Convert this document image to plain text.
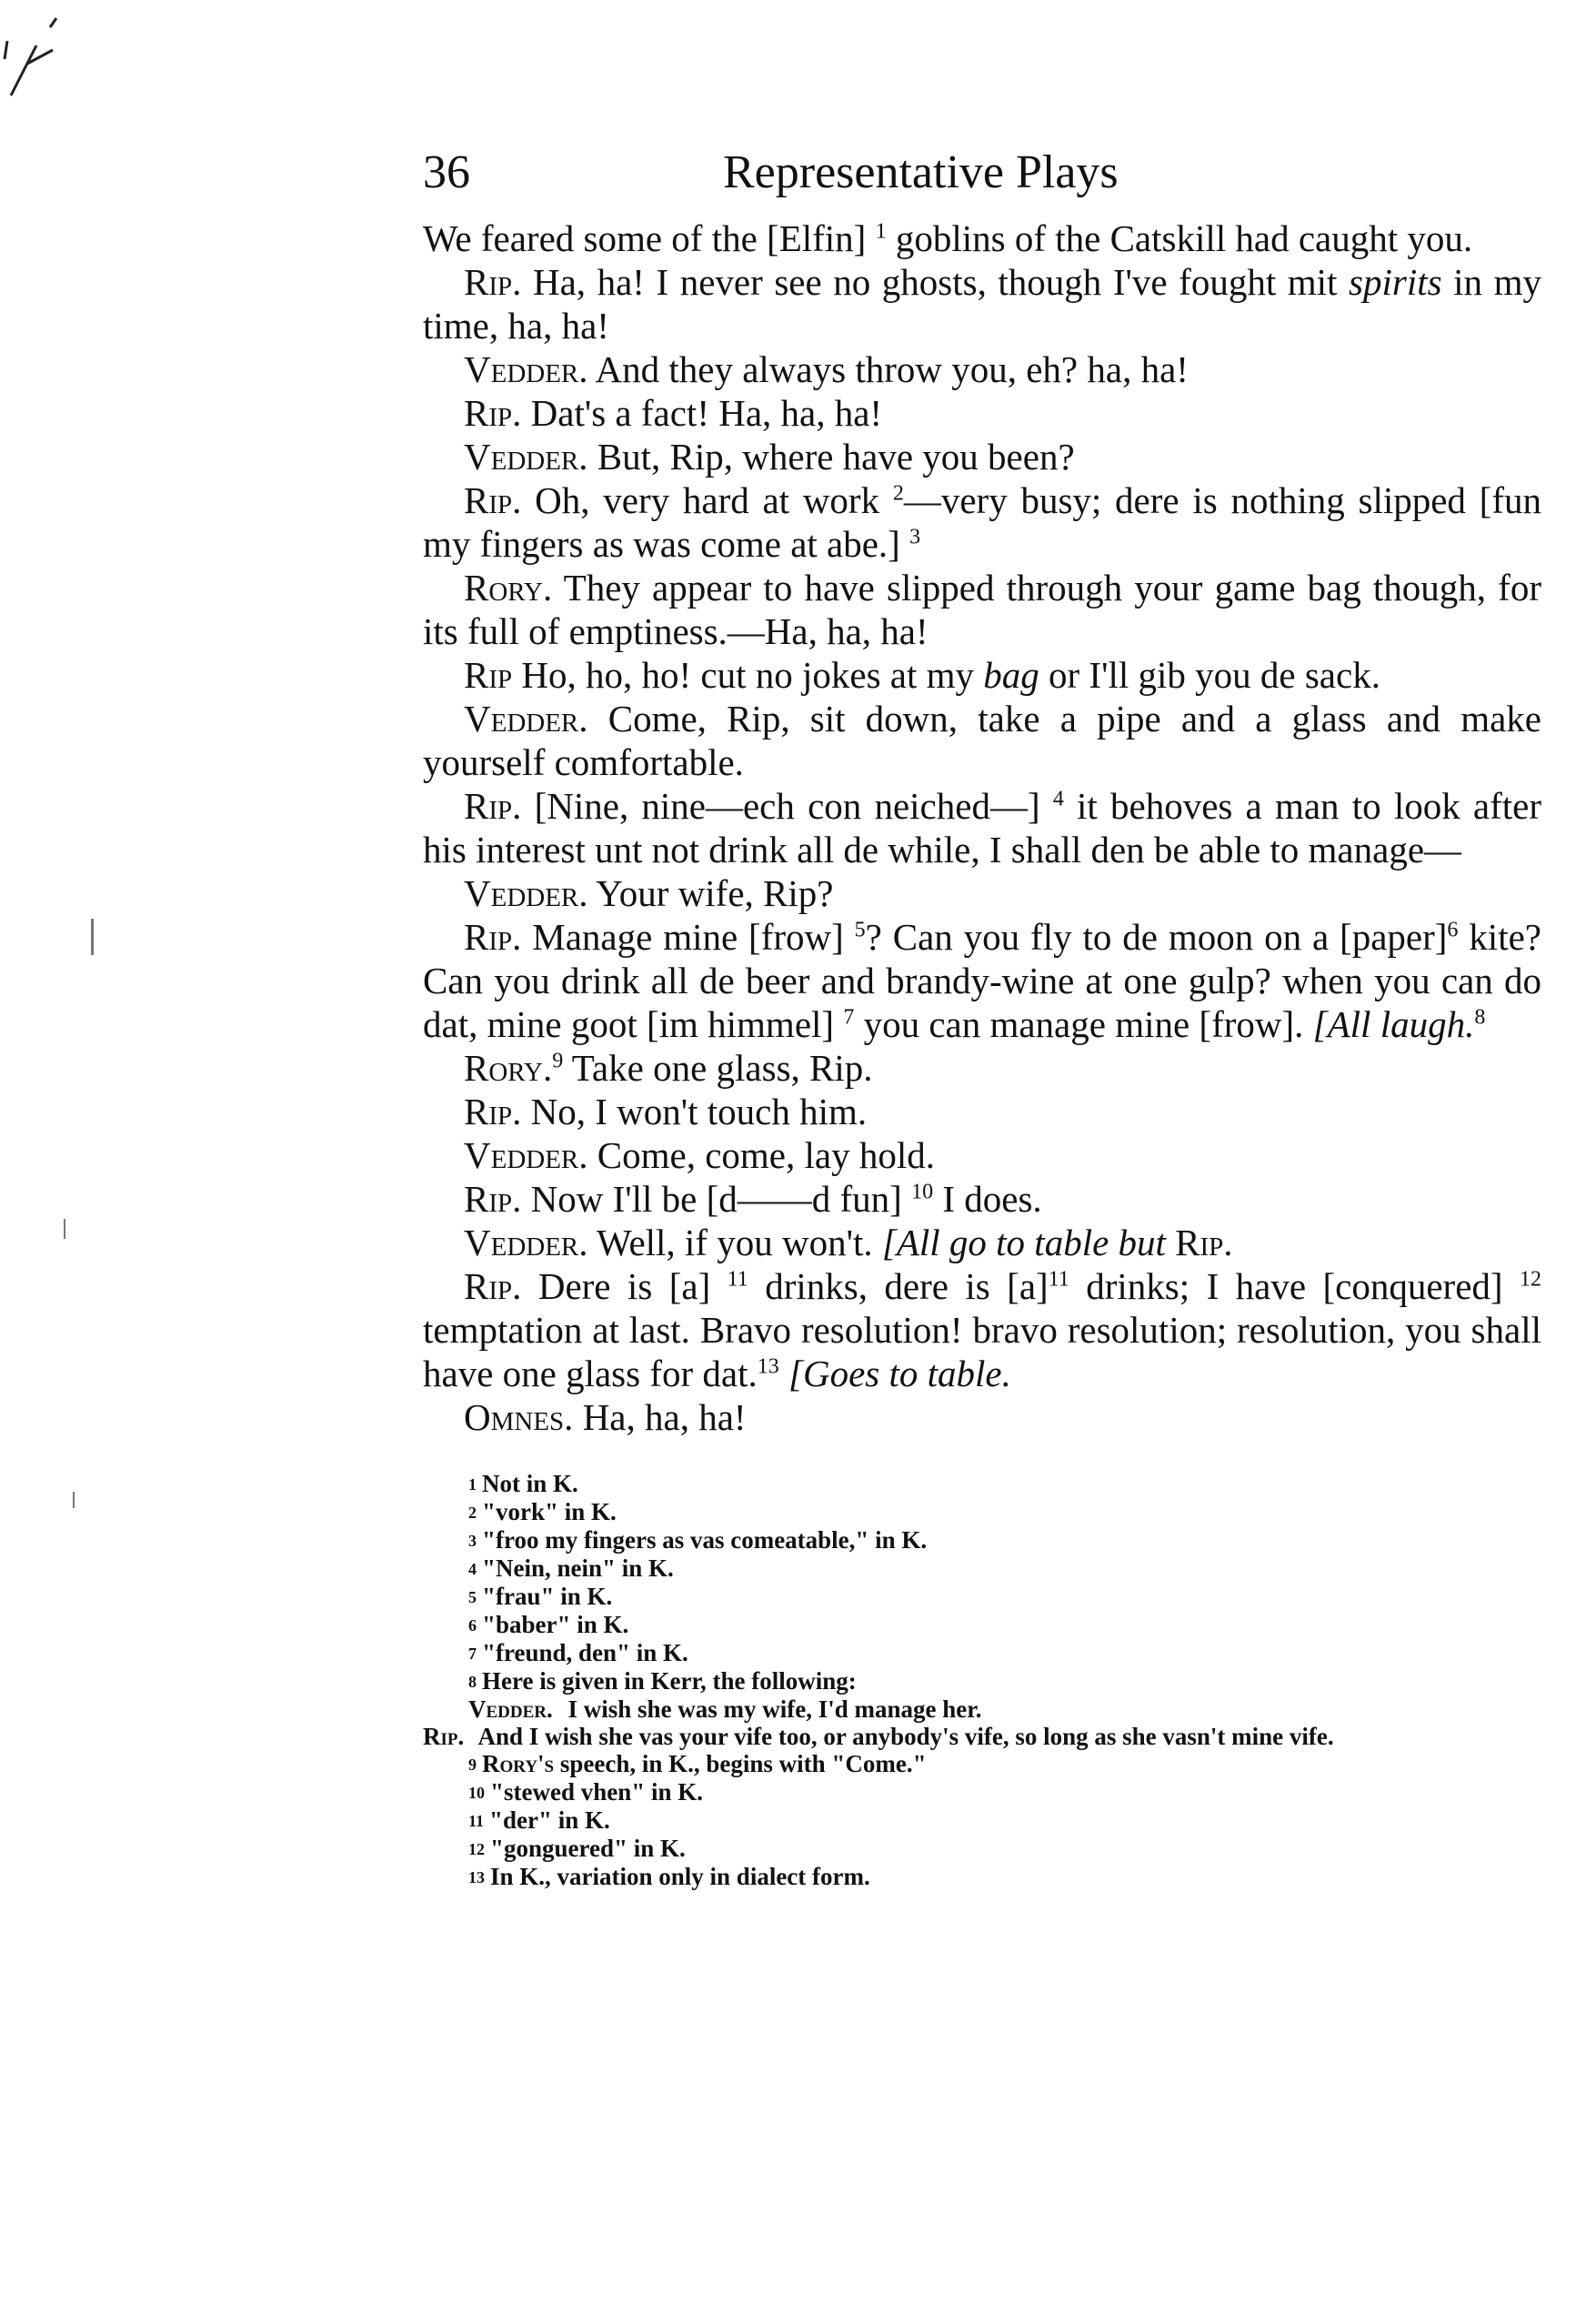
36	Representative Plays
We feared some of the [Elfin] $^1$ goblins of the Catskill had caught you.
Rip. Ha, ha! I never see no ghosts, though I've fought mit spirits in my time, ha, ha!
Vedder. And they always throw you, eh? ha, ha!
Rip. Dat's a fact! Ha, ha, ha!
Vedder. But, Rip, where have you been?
Rip. Oh, very hard at work $^2$—very busy; dere is nothing slipped [fun my fingers as was come at abe.] $^3$
Rory. They appear to have slipped through your game bag though, for its full of emptiness.—Ha, ha, ha!
Rip Ho, ho, ho! cut no jokes at my bag or I'll gib you de sack.
Vedder. Come, Rip, sit down, take a pipe and a glass and make yourself comfortable.
Rip. [Nine, nine—ech con neiched—] $^4$ it behoves a man to look after his interest unt not drink all de while, I shall den be able to manage—
Vedder. Your wife, Rip?
Rip. Manage mine [frow] $^5$? Can you fly to de moon on a [paper]$^6$ kite? Can you drink all de beer and brandy-wine at one gulp? when you can do dat, mine goot [im himmel] $^7$ you can manage mine [frow]. [All laugh.$^8$
Rory.$^9$ Take one glass, Rip.
Rip. No, I won't touch him.
Vedder. Come, come, lay hold.
Rip. Now I'll be [d——d fun] $^{10}$ I does.
Vedder. Well, if you won't. [All go to table but Rip.
Rip. Dere is [a] $^{11}$ drinks, dere is $[a]^{11}$ drinks; I have [conquered] $^{12}$ temptation at last. Bravo resolution! bravo resolution; resolution, you shall have one glass for dat.$^{13}$ [Goes to table.
Omnes. Ha, ha, ha!
1 Not in K.
2 "vork" in K.
3 "froo my fingers as vas comeatable," in K.
4 "Nein, nein" in K.
5 "frau" in K.
6 "baber" in K.
7 "freund, den" in K.
8 Here is given in Kerr, the following:
Vedder. I wish she was my wife, I'd manage her.
Rip. And I wish she vas your vife too, or anybody's vife, so long as she vasn't mine vife.
9 Rory's speech, in K., begins with "Come."
10 "stewed vhen" in K.
11 "der" in K.
12 "gonguered" in K.
13 In K., variation only in dialect form.
